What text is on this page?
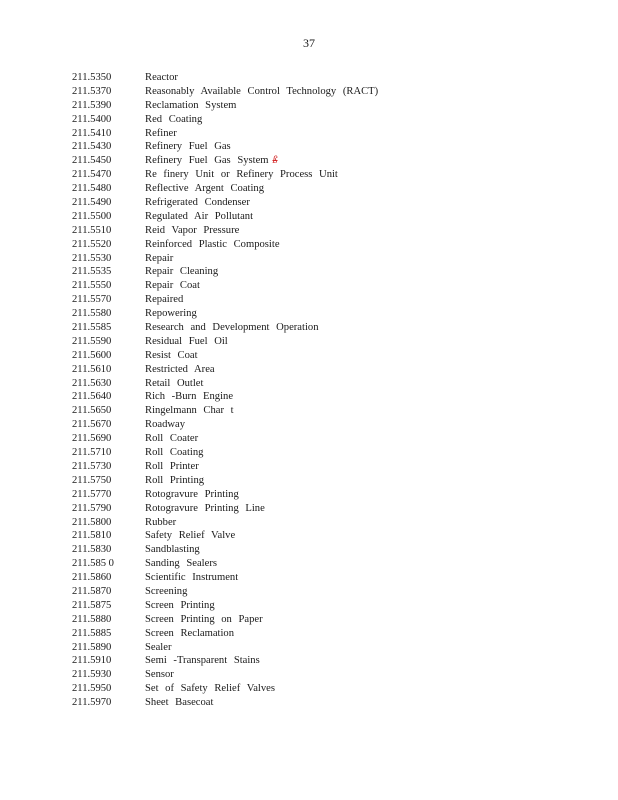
37
211.5350	Reactor
211.5370	Reasonably Available Control Technology (RACT)
211.5390	Reclamation System
211.5400	Red Coating
211.5410	Refiner
211.5430	Refinery Fuel Gas
211.5450	Refinery Fuel Gas System ß
211.5470	Re finery Unit or Refinery Process Unit
211.5480	Reflective Argent Coating
211.5490	Refrigerated Condenser
211.5500	Regulated Air Pollutant
211.5510	Reid Vapor Pressure
211.5520	Reinforced Plastic Composite
211.5530	Repair
211.5535	Repair Cleaning
211.5550	Repair Coat
211.5570	Repaired
211.5580	Repowering
211.5585	Research and Development Operation
211.5590	Residual Fuel Oil
211.5600	Resist Coat
211.5610	Restricted Area
211.5630	Retail Outlet
211.5640	Rich -Burn Engine
211.5650	Ringelmann Char t
211.5670	Roadway
211.5690	Roll Coater
211.5710	Roll Coating
211.5730	Roll Printer
211.5750	Roll Printing
211.5770	Rotogravure Printing
211.5790	Rotogravure Printing Line
211.5800	Rubber
211.5810	Safety Relief Valve
211.5830	Sandblasting
211.585 0	Sanding Sealers
211.5860	Scientific Instrument
211.5870	Screening
211.5875	Screen Printing
211.5880	Screen Printing on Paper
211.5885	Screen Reclamation
211.5890	Sealer
211.5910	Semi -Transparent Stains
211.5930	Sensor
211.5950	Set of Safety Relief Valves
211.5970	Sheet Basecoat
